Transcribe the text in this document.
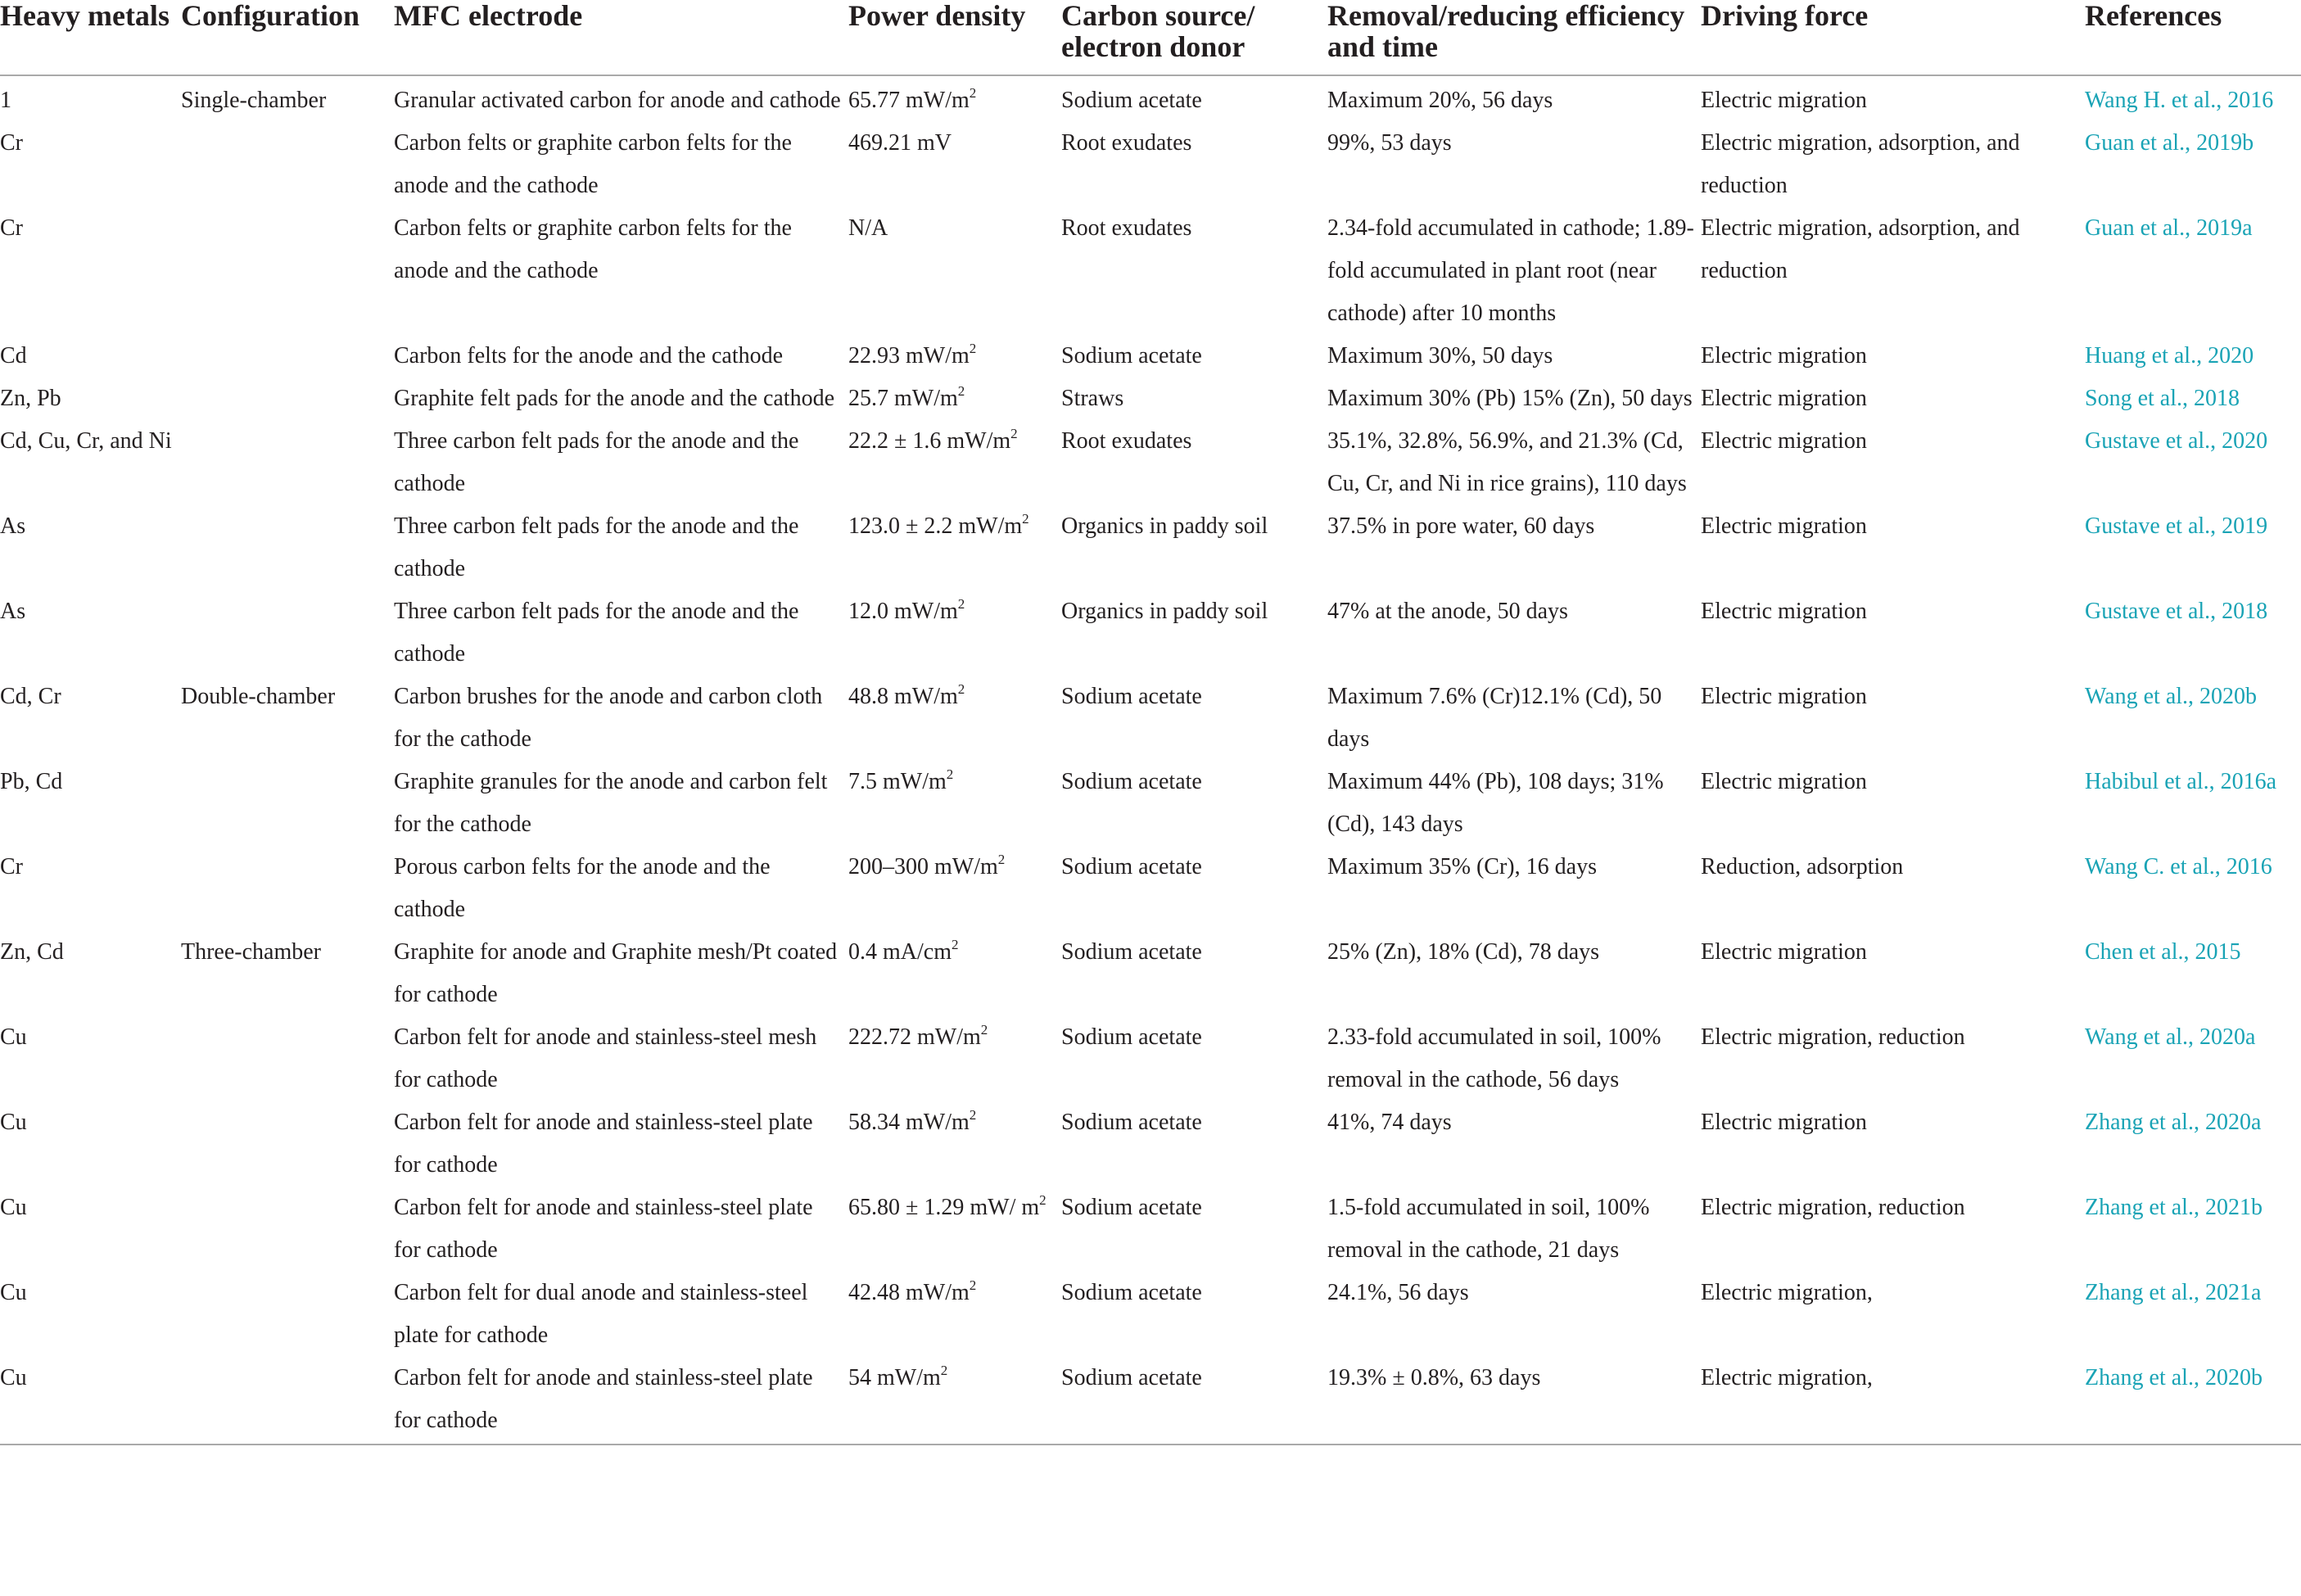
Heavy metals	Configuration	MFC electrode	Power density	Carbon source/ electron donor	Removal/reducing efficiency and time	Driving force	References
1	Single-chamber	Granular activated carbon for anode and cathode	65.77 $mW/m^2$	Sodium acetate	Maximum 20%, 56 days	Electric migration	Wang H. et al., 2016
Cr		Carbon felts or graphite carbon felts for the anode and the cathode	469.21 mV	Root exudates	99%, 53 days	Electric migration, adsorption, and reduction	Guan et al., 2019b
Cr		Carbon felts or graphite carbon felts for the anode and the cathode	N/A	Root exudates	2.34-fold accumulated in cathode; 1.89-fold accumulated in plant root (near cathode) after 10 months	Electric migration, adsorption, and reduction	Guan et al., 2019a
Cd		Carbon felts for the anode and the cathode	22.93 $mW/m^2$	Sodium acetate	Maximum 30%, 50 days	Electric migration	Huang et al., 2020
Zn, Pb		Graphite felt pads for the anode and the cathode	25.7 $mW/m^2$	Straws	Maximum 30% (Pb) 15% (Zn), 50 days	Electric migration	Song et al., 2018
Cd, Cu, Cr, and Ni		Three carbon felt pads for the anode and the cathode	22.2 ± 1.6 $mW/m^2$	Root exudates	35.1%, 32.8%, 56.9%, and 21.3% (Cd, Cu, Cr, and Ni in rice grains), 110 days	Electric migration	Gustave et al., 2020
As		Three carbon felt pads for the anode and the cathode	123.0 ± 2.2 $mW/m^2$	Organics in paddy soil	37.5% in pore water, 60 days	Electric migration	Gustave et al., 2019
As		Three carbon felt pads for the anode and the cathode	12.0 $mW/m^2$	Organics in paddy soil	47% at the anode, 50 days	Electric migration	Gustave et al., 2018
Cd, Cr	Double-chamber	Carbon brushes for the anode and carbon cloth for the cathode	48.8 $mW/m^2$	Sodium acetate	Maximum 7.6% (Cr)12.1% (Cd), 50 days	Electric migration	Wang et al., 2020b
Pb, Cd		Graphite granules for the anode and carbon felt for the cathode	7.5 $mW/m^2$	Sodium acetate	Maximum 44% (Pb), 108 days; 31% (Cd), 143 days	Electric migration	Habibul et al., 2016a
Cr		Porous carbon felts for the anode and the cathode	200–300 $mW/m^2$	Sodium acetate	Maximum 35% (Cr), 16 days	Reduction, adsorption	Wang C. et al., 2016
Zn, Cd	Three-chamber	Graphite for anode and Graphite mesh/Pt coated for cathode	0.4 $mA/cm^2$	Sodium acetate	25% (Zn), 18% (Cd), 78 days	Electric migration	Chen et al., 2015
Cu		Carbon felt for anode and stainless-steel mesh for cathode	222.72 $mW/m^2$	Sodium acetate	2.33-fold accumulated in soil, 100% removal in the cathode, 56 days	Electric migration, reduction	Wang et al., 2020a
Cu		Carbon felt for anode and stainless-steel plate for cathode	58.34 $mW/m^2$	Sodium acetate	41%, 74 days	Electric migration	Zhang et al., 2020a
Cu		Carbon felt for anode and stainless-steel plate for cathode	65.80 ± 1.29 mW/ $m^2$	Sodium acetate	1.5-fold accumulated in soil, 100% removal in the cathode, 21 days	Electric migration, reduction	Zhang et al., 2021b
Cu		Carbon felt for dual anode and stainless-steel plate for cathode	42.48 $mW/m^2$	Sodium acetate	24.1%, 56 days	Electric migration,	Zhang et al., 2021a
Cu		Carbon felt for anode and stainless-steel plate for cathode	54 $mW/m^2$	Sodium acetate	19.3% ± 0.8%, 63 days	Electric migration,	Zhang et al., 2020b
